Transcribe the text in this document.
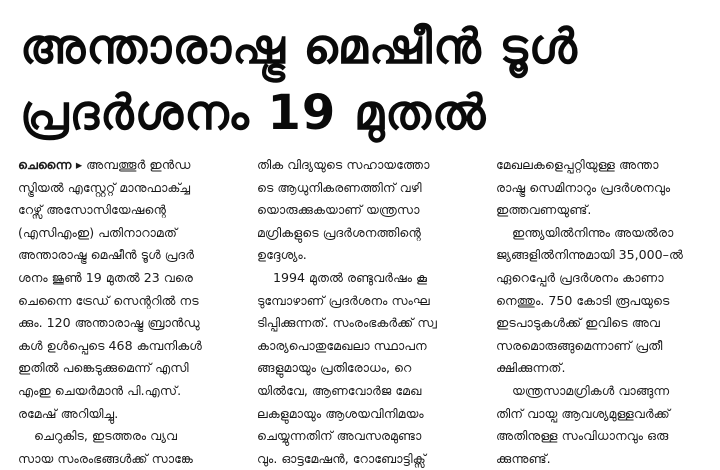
അന്താരാഷ്ട്ര മെഷീൻ ടൂൾ
പ്രദർശനം 19 മുതൽ

ചെന്നൈ ▸ അമ്പത്തൂർ ഇൻഡ

സ്ട്രിയൽ എസ്റ്റേറ്റ് മാനുഫാക്ച്ച

റേഴ്സ് അസോസിയേഷന്റെ

(എസിഎംഇ) പതിനാറാമത്

അന്താരാഷ്ട്ര മെഷീൻ ടൂൾ പ്രദർ

ശനം ജൂൺ 19 മുതൽ 23 വരെ

ചെന്നൈ ട്രേഡ് സെന്ററിൽ നട

ക്കും. 120 അന്താരാഷ്ട്ര ബ്രാൻഡു

കൾ ഉൾപ്പെടെ 468 കമ്പനികൾ

ഇതിൽ പങ്കെടുക്കുമെന്ന് എസി

എംഇ ചെയർമാൻ പി.എസ്.

രമേഷ് അറിയിച്ചു.

ചെറുകിട, ഇടത്തരം വ്യവ

സായ സംരംഭങ്ങൾക്ക് സാങ്കേ

തിക വിദ്യയുടെ സഹായത്തോ

ടെ ആധുനികരണത്തിന് വഴി

യൊരുക്കുകയാണ് യന്ത്രസാ

മഗ്രികളുടെ പ്രദർശനത്തിന്റെ

ഉദ്ദേശ്യം.

1994 മുതൽ രണ്ടുവർഷം കൂ

ടുമ്പോഴാണ് പ്രദർശനം സംഘ

ടിപ്പിക്കുന്നത്. സംരംഭകർക്ക് സ്വ

കാര്യപൊതുമേഖലാ സ്ഥാപന

ങ്ങളുമായും പ്രതിരോധം, റെ

യിൽവേ, ആണവോർജ മേഖ

ലകളുമായും ആശയവിനിമയം

ചെയ്യുന്നതിന് അവസരമുണ്ടാ

വും. ഓട്ടമേഷൻ, റോബോട്ടിക്സ്

മേഖലകളെപ്പറ്റിയുള്ള അന്താ

രാഷ്ട്ര സെമിനാറും പ്രദർശനവും

ഇത്തവണയുണ്ട്.

ഇന്ത്യയിൽനിന്നും അയൽരാ

ജ്യങ്ങളിൽനിന്നുമായി 35,000–ൽ

ഏറെപ്പേർ പ്രദർശനം കാണാ

നെത്തും. 750 കോടി രൂപയുടെ

ഇടപാടുകൾക്ക് ഇവിടെ അവ

സരമൊരുങ്ങുമെന്നാണ് പ്രതീ

ക്ഷിക്കുന്നത്.

യന്ത്രസാമഗ്രികൾ വാങ്ങുന്ന

തിന് വായ്പ ആവശ്യമുള്ളവർക്ക്

അതിനുള്ള സംവിധാനവും ഒരു

ക്കുന്നുണ്ട്.
